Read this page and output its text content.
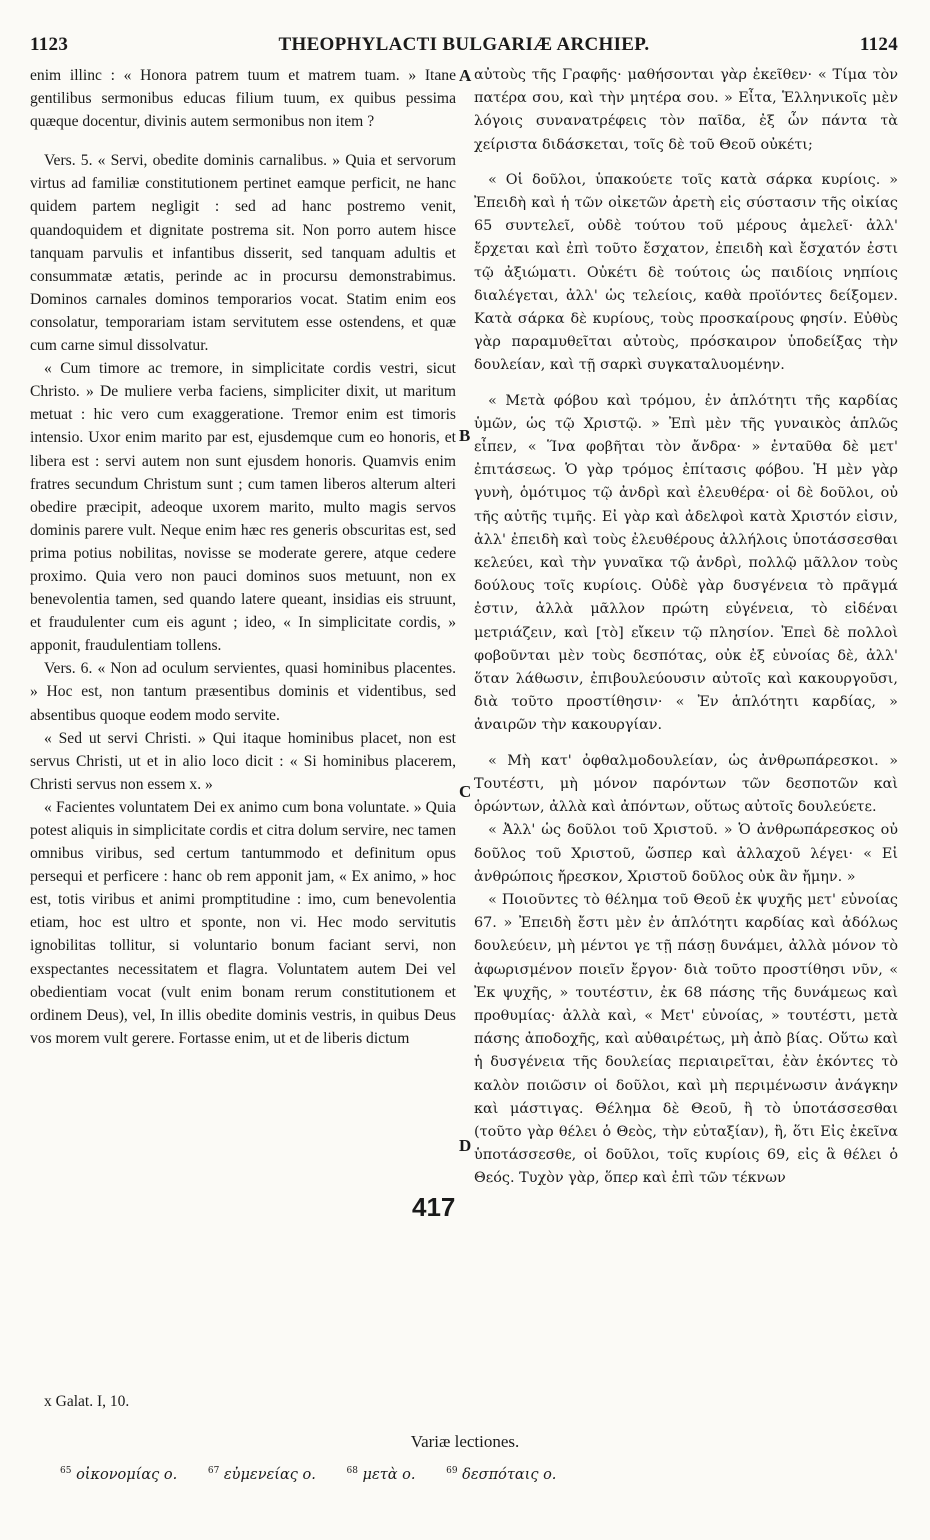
1123	THEOPHYLACTI BULGARIÆ ARCHIEP.	1124

enim illinc : « Honora patrem tuum et matrem tuam. » Itane gentilibus sermonibus educas filium tuum, ex quibus pessima quæque docentur, divinis autem sermonibus non item ?

Vers. 5. « Servi, obedite dominis carnalibus. » Quia et servorum virtus ad familiæ constitutionem pertinet eamque perficit, ne hanc quidem partem negligit : sed ad hanc postremo venit, quandoquidem et dignitate postrema sit. Non porro autem hisce tanquam parvulis et infantibus disserit, sed tanquam adultis et consummatæ ætatis, perinde ac in procursu demonstrabimus. Dominos carnales dominos temporarios vocat. Statim enim eos consolatur, temporariam istam servitutem esse ostendens, et quæ cum carne simul dissolvatur.

« Cum timore ac tremore, in simplicitate cordis vestri, sicut Christo. » De muliere verba faciens, simpliciter dixit, ut maritum metuat : hic vero cum exaggeratione. Tremor enim est timoris intensio. Uxor enim marito par est, ejusdemque cum eo honoris, et libera est : servi autem non sunt ejusdem honoris. Quamvis enim fratres secundum Christum sunt ; cum tamen liberos alterum alteri obedire præcipit, adeoque uxorem marito, multo magis servos dominis parere vult. Neque enim hæc res generis obscuritas est, sed prima potius nobilitas, novisse se moderate gerere, atque cedere proximo. Quia vero non pauci dominos suos metuunt, non ex benevolentia tamen, sed quando latere queant, insidias eis struunt, et fraudulenter cum eis agunt ; ideo, « In simplicitate cordis, » apponit, fraudulentiam tollens.

Vers. 6. « Non ad oculum servientes, quasi hominibus placentes. » Hoc est, non tantum præsentibus dominis et videntibus, sed absentibus quoque eodem modo servite.

« Sed ut servi Christi. » Qui itaque hominibus placet, non est servus Christi, ut et in alio loco dicit : « Si hominibus placerem, Christi servus non essem x. »

« Facientes voluntatem Dei ex animo cum bona voluntate. » Quia potest aliquis in simplicitate cordis et citra dolum servire, nec tamen omnibus viribus, sed certum tantummodo et definitum opus persequi et perficere : hanc ob rem apponit jam, « Ex animo, » hoc est, totis viribus et animi promptitudine : imo, cum benevolentia etiam, hoc est ultro et sponte, non vi. Hec modo servitutis ignobilitas tollitur, si voluntario bonum faciant servi, non exspectantes necessitatem et flagra. Voluntatem autem Dei vel obedientiam vocat (vult enim bonam rerum constitutionem et ordinem Deus), vel, In illis obedite dominis vestris, in quibus Deus vos morem vult gerere. Fortasse enim, ut et de liberis dictum

αὐτοὺς τῆς Γραφῆς· μαθήσονται γὰρ ἐκεῖθεν· « Τίμα τὸν πατέρα σου, καὶ τὴν μητέρα σου. » Εἶτα, Ἑλληνικοῖς μὲν λόγοις συνανατρέφεις τὸν παῖδα, ἐξ ὧν πάντα τὰ χείριστα διδάσκεται, τοῖς δὲ τοῦ Θεοῦ οὐκέτι;

« Οἱ δοῦλοι, ὑπακούετε τοῖς κατὰ σάρκα κυρίοις. » Ἐπειδὴ καὶ ἡ τῶν οἰκετῶν ἀρετὴ εἰς σύστασιν τῆς οἰκίας 65 συντελεῖ, οὐδὲ τούτου τοῦ μέρους ἀμελεῖ· ἀλλ' ἔρχεται καὶ ἐπὶ τοῦτο ἔσχατον, ἐπειδὴ καὶ ἔσχατόν ἐστι τῷ ἀξιώματι. Οὐκέτι δὲ τούτοις ὡς παιδίοις νηπίοις διαλέγεται, ἀλλ' ὡς τελείοις, καθὰ προϊόντες δείξομεν. Κατὰ σάρκα δὲ κυρίους, τοὺς προσκαίρους φησίν. Εὐθὺς γὰρ παραμυθεῖται αὐτοὺς, πρόσκαιρον ὑποδείξας τὴν δουλείαν, καὶ τῇ σαρκὶ συγκαταλυομένην.

« Μετὰ φόβου καὶ τρόμου, ἐν ἁπλότητι τῆς καρδίας ὑμῶν, ὡς τῷ Χριστῷ. » Ἐπὶ μὲν τῆς γυναικὸς ἁπλῶς εἶπεν, « Ἵνα φοβῆται τὸν ἄνδρα· » ἐνταῦθα δὲ μετ' ἐπιτάσεως. Ὁ γὰρ τρόμος ἐπίτασις φόβου. Ἡ μὲν γὰρ γυνὴ, ὁμότιμος τῷ ἀνδρὶ καὶ ἐλευθέρα· οἱ δὲ δοῦλοι, οὐ τῆς αὐτῆς τιμῆς. Εἰ γὰρ καὶ ἀδελφοὶ κατὰ Χριστόν εἰσιν, ἀλλ' ἐπειδὴ καὶ τοὺς ἐλευθέρους ἀλλήλοις ὑποτάσσεσθαι κελεύει, καὶ τὴν γυναῖκα τῷ ἀνδρὶ, πολλῷ μᾶλλον τοὺς δούλους τοῖς κυρίοις. Οὐδὲ γὰρ δυσγένεια τὸ πρᾶγμά ἐστιν, ἀλλὰ μᾶλλον πρώτη εὐγένεια, τὸ εἰδέναι μετριάζειν, καὶ [τὸ] εἴκειν τῷ πλησίον. Ἐπεὶ δὲ πολλοὶ φοβοῦνται μὲν τοὺς δεσπότας, οὐκ ἐξ εὐνοίας δὲ, ἀλλ' ὅταν λάθωσιν, ἐπιβουλεύουσιν αὐτοῖς καὶ κακουργοῦσι, διὰ τοῦτο προστίθησιν· « Ἐν ἁπλότητι καρδίας, » ἀναιρῶν τὴν κακουργίαν.

« Μὴ κατ' ὀφθαλμοδουλείαν, ὡς ἀνθρωπάρεσκοι. » Τουτέστι, μὴ μόνον παρόντων τῶν δεσποτῶν καὶ ὁρώντων, ἀλλὰ καὶ ἀπόντων, οὕτως αὐτοῖς δουλεύετε.

« Ἀλλ' ὡς δοῦλοι τοῦ Χριστοῦ. » Ὁ ἀνθρωπάρεσκος οὐ δοῦλος τοῦ Χριστοῦ, ὥσπερ καὶ ἀλλαχοῦ λέγει· « Εἰ ἀνθρώποις ἤρεσκον, Χριστοῦ δοῦλος οὐκ ἂν ἤμην. »

« Ποιοῦντες τὸ θέλημα τοῦ Θεοῦ ἐκ ψυχῆς μετ' εὐνοίας 67. » Ἐπειδὴ ἔστι μὲν ἐν ἁπλότητι καρδίας καὶ ἀδόλως δουλεύειν, μὴ μέντοι γε τῇ πάσῃ δυνάμει, ἀλλὰ μόνον τὸ ἀφωρισμένον ποιεῖν ἔργον· διὰ τοῦτο προστίθησι νῦν, « Ἐκ ψυχῆς, » τουτέστιν, ἐκ 68 πάσης τῆς δυνάμεως καὶ προθυμίας· ἀλλὰ καὶ, « Μετ' εὐνοίας, » τουτέστι, μετὰ πάσης ἀποδοχῆς, καὶ αὐθαιρέτως, μὴ ἀπὸ βίας. Οὕτω καὶ ἡ δυσγένεια τῆς δουλείας περιαιρεῖται, ἐὰν ἑκόντες τὸ καλὸν ποιῶσιν οἱ δοῦλοι, καὶ μὴ περιμένωσιν ἀνάγκην καὶ μάστιγας. Θέλημα δὲ Θεοῦ, ἢ τὸ ὑποτάσσεσθαι (τοῦτο γὰρ θέλει ὁ Θεὸς, τὴν εὐταξίαν), ἢ, ὅτι Εἰς ἐκεῖνα ὑποτάσσεσθε, οἱ δοῦλοι, τοῖς κυρίοις 69, εἰς ἃ θέλει ὁ Θεός. Τυχὸν γὰρ, ὅπερ καὶ ἐπὶ τῶν τέκνων

A
B
C
D
417
x Galat. I, 10.
Variæ lectiones.
$^{65}$ οἰκονομίας ο.	$^{67}$ εὐμενείας ο.	$^{68}$ μετὰ ο.	$^{69}$ δεσπόταις ο.
